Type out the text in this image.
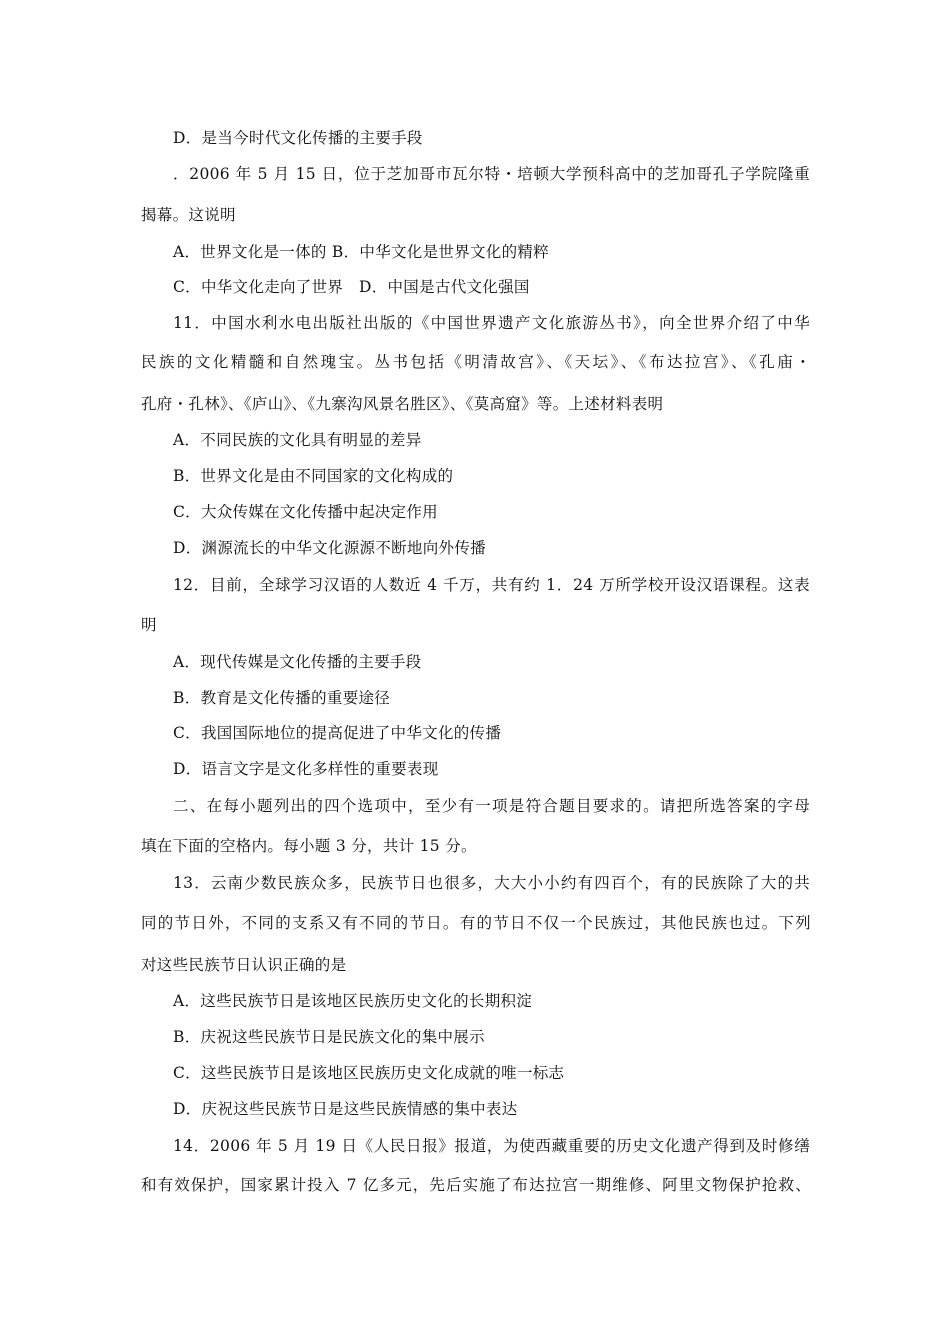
D．是当今时代文化传播的主要手段
．2006 年 5 月 15 日，位于芝加哥市瓦尔特・培顿大学预科高中的芝加哥孔子学院隆重
揭幕。这说明
A．世界文化是一体的 B．中华文化是世界文化的精粹
C．中华文化走向了世界　D．中国是古代文化强国
11．中国水利水电出版社出版的《中国世界遗产文化旅游丛书》，向全世界介绍了中华
民族的文化精髓和自然瑰宝。丛书包括《明清故宫》、《天坛》、《布达拉宫》、《孔庙・
孔府・孔林》、《庐山》、《九寨沟风景名胜区》、《莫高窟》等。上述材料表明
A．不同民族的文化具有明显的差异
B．世界文化是由不同国家的文化构成的
C．大众传媒在文化传播中起决定作用
D．渊源流长的中华文化源源不断地向外传播
12．目前，全球学习汉语的人数近 4 千万，共有约 1．24 万所学校开设汉语课程。这表
明
A．现代传媒是文化传播的主要手段
B．教育是文化传播的重要途径
C．我国国际地位的提高促进了中华文化的传播
D．语言文字是文化多样性的重要表现
二、在每小题列出的四个选项中，至少有一项是符合题目要求的。请把所选答案的字母
填在下面的空格内。每小题 3 分，共计 15 分。
13．云南少数民族众多，民族节日也很多，大大小小约有四百个，有的民族除了大的共
同的节日外，不同的支系又有不同的节日。有的节日不仅一个民族过，其他民族也过。下列
对这些民族节日认识正确的是
A．这些民族节日是该地区民族历史文化的长期积淀
B．庆祝这些民族节日是民族文化的集中展示
C．这些民族节日是该地区民族历史文化成就的唯一标志
D．庆祝这些民族节日是这些民族情感的集中表达
14．2006 年 5 月 19 日《人民日报》报道，为使西藏重要的历史文化遗产得到及时修缮
和有效保护，国家累计投入 7 亿多元，先后实施了布达拉宫一期维修、阿里文物保护抢救、
